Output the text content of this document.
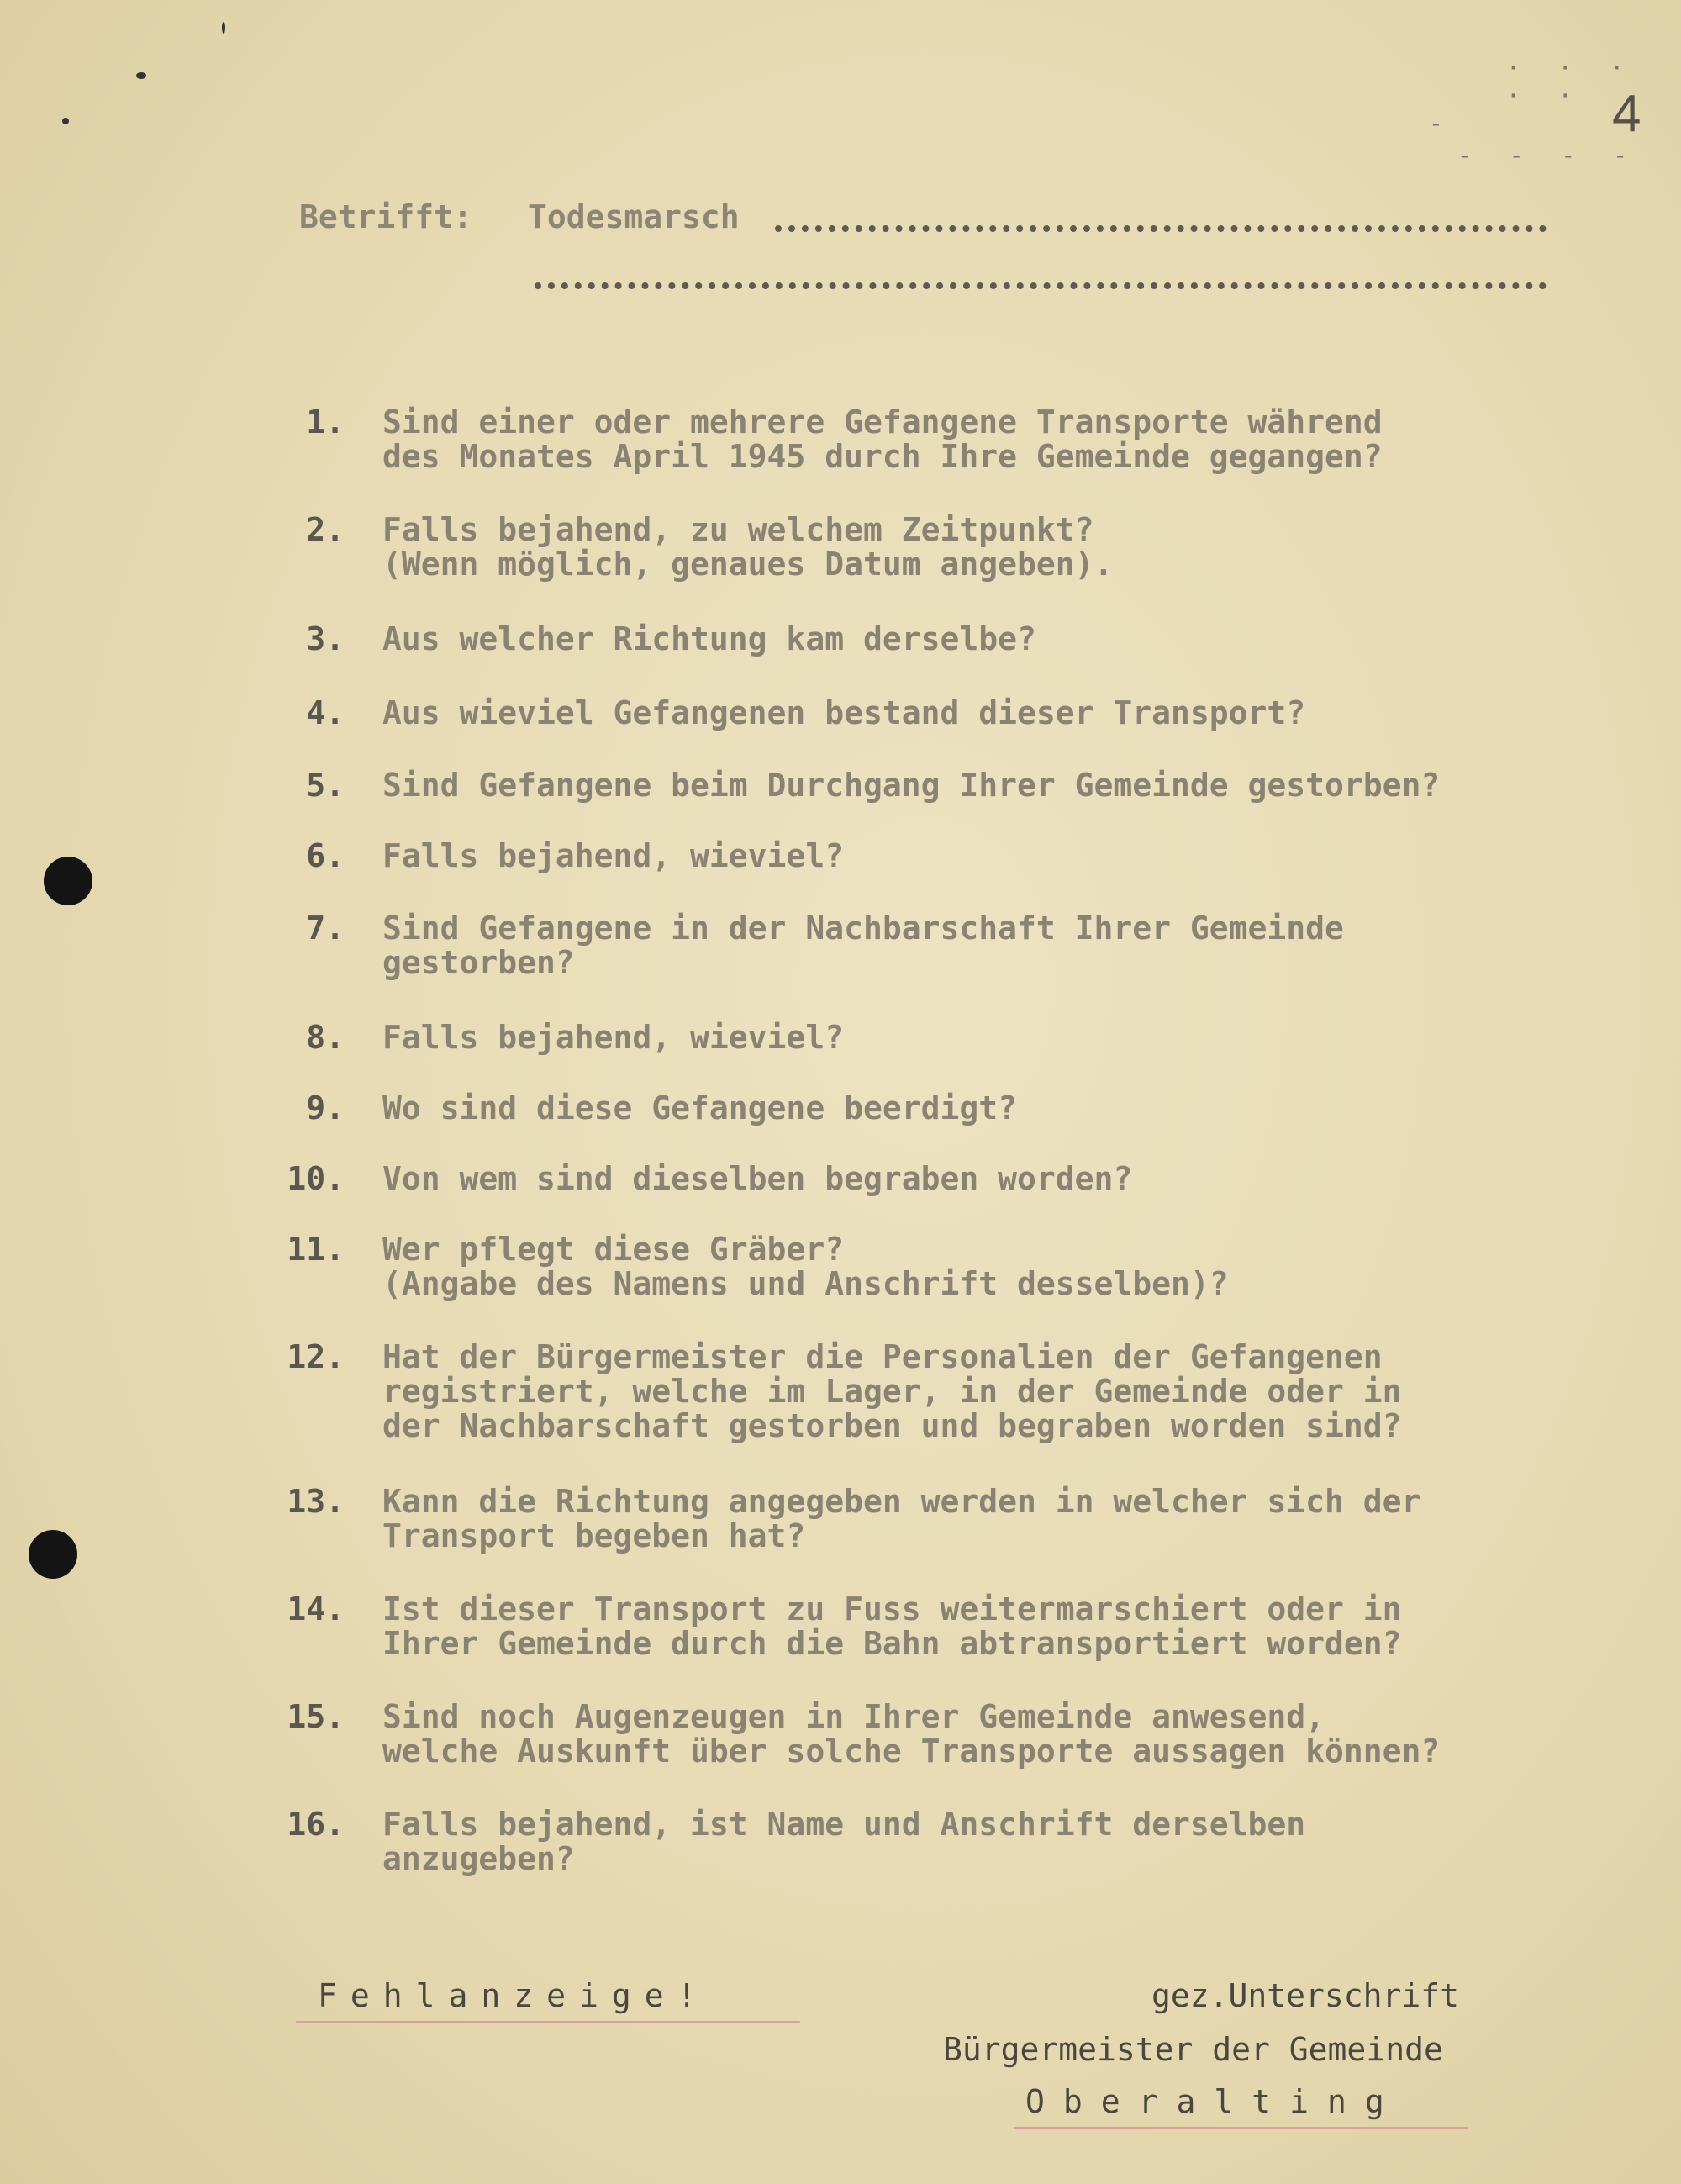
4
· · · · ·
-
- - - -
Betrifft: Todesmarsch
1. Sind einer oder mehrere Gefangene Transporte während
des Monates April 1945 durch Ihre Gemeinde gegangen?
2. Falls bejahend, zu welchem Zeitpunkt?
(Wenn möglich, genaues Datum angeben).
3. Aus welcher Richtung kam derselbe?
4. Aus wieviel Gefangenen bestand dieser Transport?
5. Sind Gefangene beim Durchgang Ihrer Gemeinde gestorben?
6. Falls bejahend, wieviel?
7. Sind Gefangene in der Nachbarschaft Ihrer Gemeinde
gestorben?
8. Falls bejahend, wieviel?
9. Wo sind diese Gefangene beerdigt?
10. Von wem sind dieselben begraben worden?
11. Wer pflegt diese Gräber?
(Angabe des Namens und Anschrift desselben)?
12. Hat der Bürgermeister die Personalien der Gefangenen
registriert, welche im Lager, in der Gemeinde oder in
der Nachbarschaft gestorben und begraben worden sind?
13. Kann die Richtung angegeben werden in welcher sich der
Transport begeben hat?
14. Ist dieser Transport zu Fuss weitermarschiert oder in
Ihrer Gemeinde durch die Bahn abtransportiert worden?
15. Sind noch Augenzeugen in Ihrer Gemeinde anwesend,
welche Auskunft über solche Transporte aussagen können?
16. Falls bejahend, ist Name und Anschrift derselben
anzugeben?
Fehlanzeige!	gez.Unterschrift
Bürgermeister der Gemeinde
Oberalting
